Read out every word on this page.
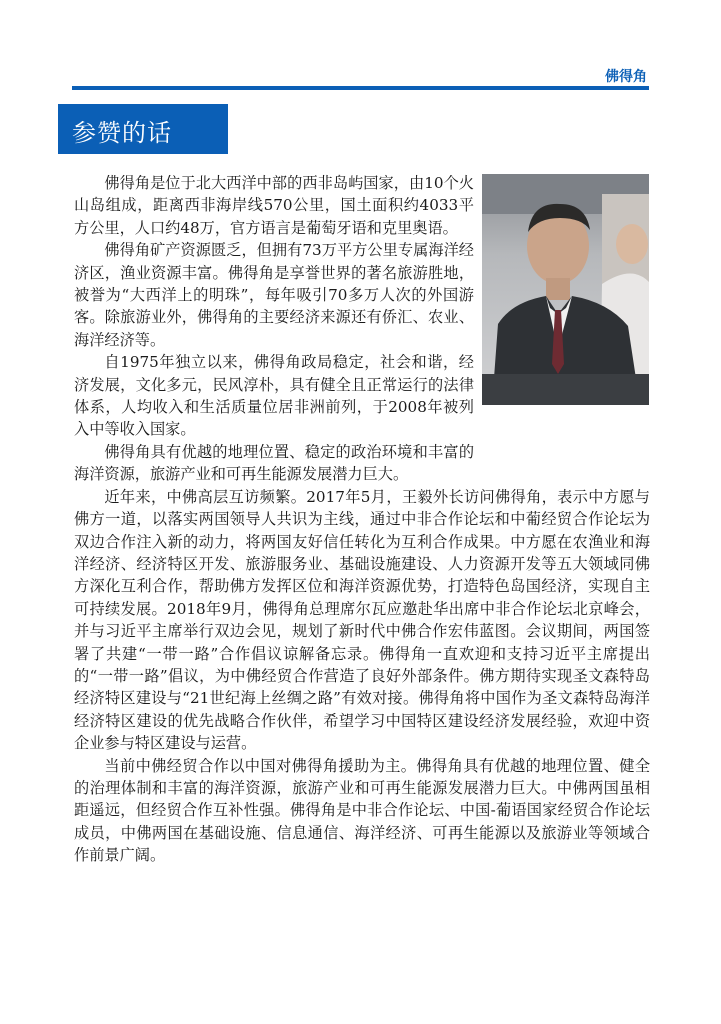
佛得角
参赞的话

佛得角是位于北大西洋中部的西非岛屿国家，由10个火山岛组成，距离西非海岸线570公里，国土面积约4033平方公里，人口约48万，官方语言是葡萄牙语和克里奥语。

佛得角矿产资源匮乏，但拥有73万平方公里专属海洋经济区，渔业资源丰富。佛得角是享誉世界的著名旅游胜地，被誉为“大西洋上的明珠”，每年吸引70多万人次的外国游客。除旅游业外，佛得角的主要经济来源还有侨汇、农业、海洋经济等。

自1975年独立以来，佛得角政局稳定，社会和谐，经济发展，文化多元，民风淳朴，具有健全且正常运行的法律体系，人均收入和生活质量位居非洲前列，于2008年被列入中等收入国家。

佛得角具有优越的地理位置、稳定的政治环境和丰富的海洋资源，旅游产业和可再生能源发展潜力巨大。

近年来，中佛高层互访频繁。2017年5月，王毅外长访问佛得角，表示中方愿与佛方一道，以落实两国领导人共识为主线，通过中非合作论坛和中葡经贸合作论坛为双边合作注入新的动力，将两国友好信任转化为互利合作成果。中方愿在农渔业和海洋经济、经济特区开发、旅游服务业、基础设施建设、人力资源开发等五大领域同佛方深化互利合作，帮助佛方发挥区位和海洋资源优势，打造特色岛国经济，实现自主可持续发展。2018年9月，佛得角总理席尔瓦应邀赴华出席中非合作论坛北京峰会，并与习近平主席举行双边会见，规划了新时代中佛合作宏伟蓝图。会议期间，两国签署了共建“一带一路”合作倡议谅解备忘录。佛得角一直欢迎和支持习近平主席提出的“一带一路”倡议，为中佛经贸合作营造了良好外部条件。佛方期待实现圣文森特岛经济特区建设与“21世纪海上丝绸之路”有效对接。佛得角将中国作为圣文森特岛海洋经济特区建设的优先战略合作伙伴，希望学习中国特区建设经济发展经验，欢迎中资企业参与特区建设与运营。

当前中佛经贸合作以中国对佛得角援助为主。佛得角具有优越的地理位置、健全的治理体制和丰富的海洋资源，旅游产业和可再生能源发展潜力巨大。中佛两国虽相距遥远，但经贸合作互补性强。佛得角是中非合作论坛、中国-葡语国家经贸合作论坛成员，中佛两国在基础设施、信息通信、海洋经济、可再生能源以及旅游业等领域合作前景广阔。
